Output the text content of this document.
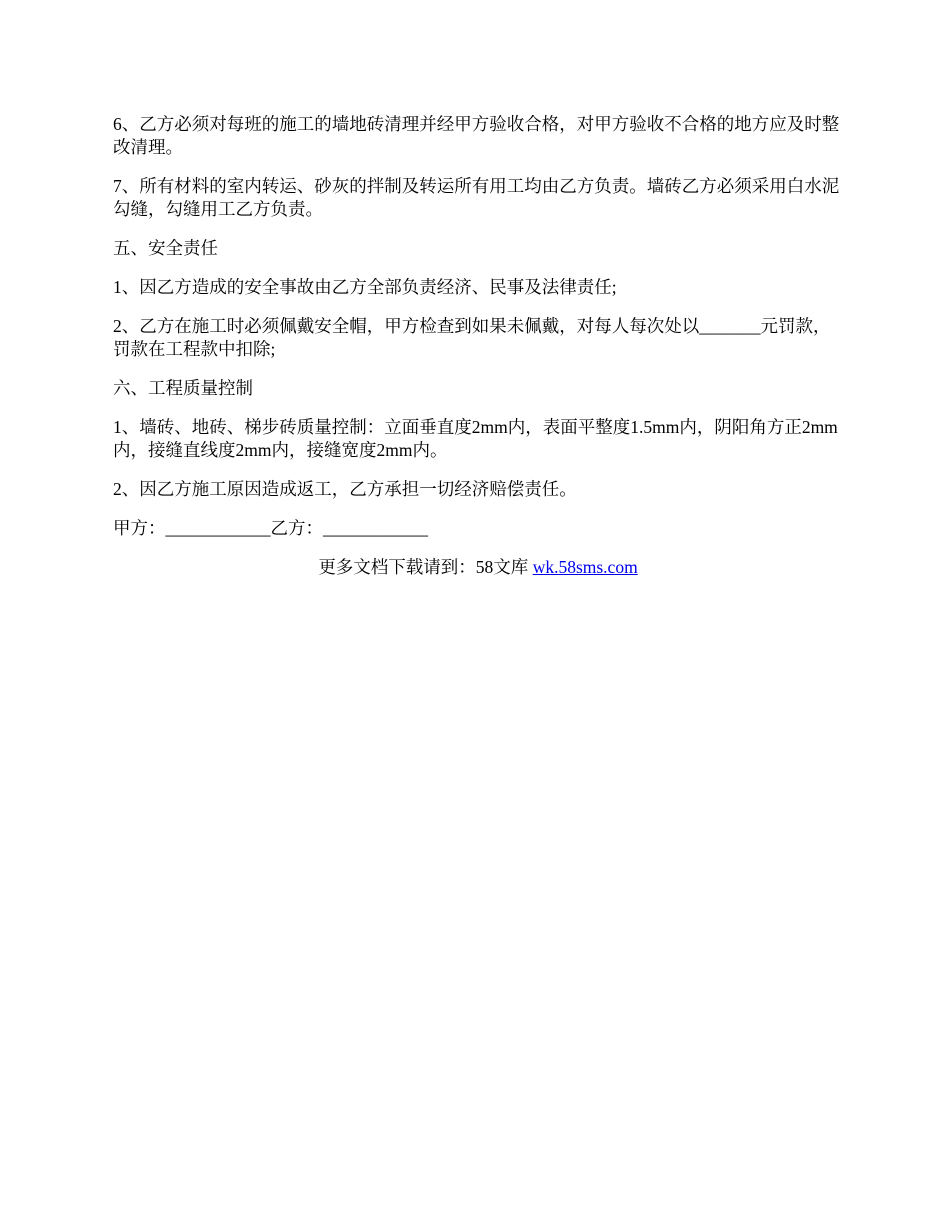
6、乙方必须对每班的施工的墙地砖清理并经甲方验收合格，对甲方验收不合格的地方应及时整改清理。

7、所有材料的室内转运、砂灰的拌制及转运所有用工均由乙方负责。墙砖乙方必须采用白水泥勾缝，勾缝用工乙方负责。

五、安全责任

1、因乙方造成的安全事故由乙方全部负责经济、民事及法律责任;

2、乙方在施工时必须佩戴安全帽，甲方检查到如果未佩戴，对每人每次处以_______元罚款，罚款在工程款中扣除;

六、工程质量控制

1、墙砖、地砖、梯步砖质量控制：立面垂直度2mm内，表面平整度1.5mm内，阴阳角方正2mm内，接缝直线度2mm内，接缝宽度2mm内。

2、因乙方施工原因造成返工，乙方承担一切经济赔偿责任。

甲方：____________乙方：____________

更多文档下载请到：58文库 wk.58sms.com
